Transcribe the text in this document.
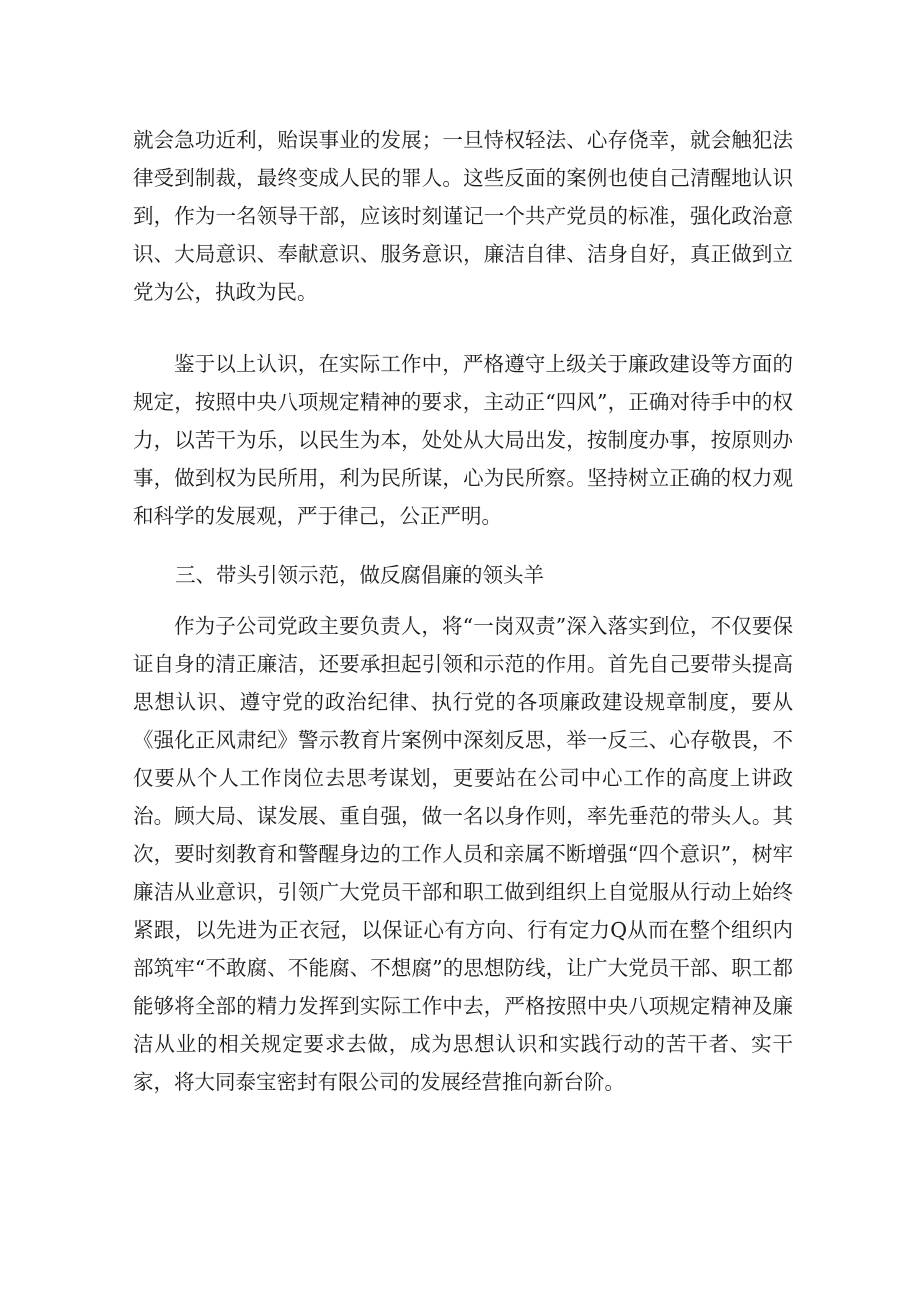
就会急功近利，贻误事业的发展；一旦恃权轻法、心存侥幸，就会触犯法律受到制裁，最终变成人民的罪人。这些反面的案例也使自己清醒地认识到，作为一名领导干部，应该时刻谨记一个共产党员的标准，强化政治意识、大局意识、奉献意识、服务意识，廉洁自律、洁身自好，真正做到立党为公，执政为民。

鉴于以上认识，在实际工作中，严格遵守上级关于廉政建设等方面的规定，按照中央八项规定精神的要求，主动正“四风”，正确对待手中的权力，以苦干为乐，以民生为本，处处从大局出发，按制度办事，按原则办事，做到权为民所用，利为民所谋，心为民所察。坚持树立正确的权力观和科学的发展观，严于律己，公正严明。

三、带头引领示范，做反腐倡廉的领头羊

作为子公司党政主要负责人，将“一岗双责”深入落实到位，不仅要保证自身的清正廉洁，还要承担起引领和示范的作用。首先自己要带头提高思想认识、遵守党的政治纪律、执行党的各项廉政建设规章制度，要从《强化正风肃纪》警示教育片案例中深刻反思，举一反三、心存敬畏，不仅要从个人工作岗位去思考谋划，更要站在公司中心工作的高度上讲政治。顾大局、谋发展、重自强，做一名以身作则，率先垂范的带头人。其次，要时刻教育和警醒身边的工作人员和亲属不断增强“四个意识”，树牢廉洁从业意识，引领广大党员干部和职工做到组织上自觉服从行动上始终紧跟，以先进为正衣冠，以保证心有方向、行有定力Q从而在整个组织内部筑牢“不敢腐、不能腐、不想腐”的思想防线，让广大党员干部、职工都能够将全部的精力发挥到实际工作中去，严格按照中央八项规定精神及廉洁从业的相关规定要求去做，成为思想认识和实践行动的苦干者、实干家，将大同泰宝密封有限公司的发展经营推向新台阶。
